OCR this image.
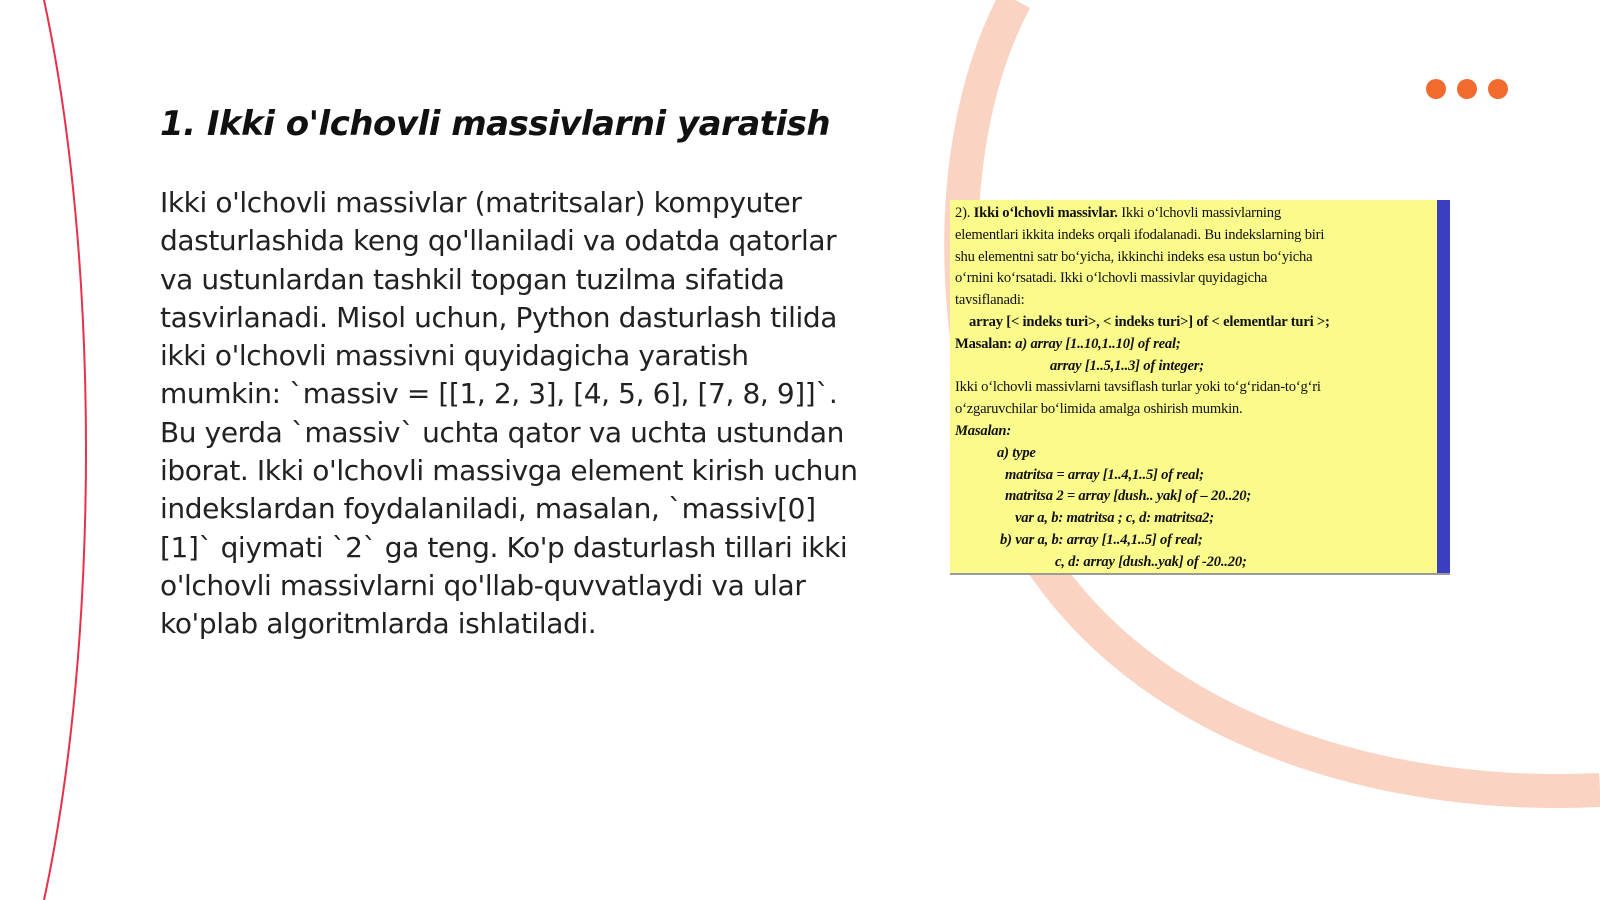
1. Ikki o'lchovli massivlarni yaratish

Ikki o'lchovli massivlar (matritsalar) kompyuter dasturlashida keng qo'llaniladi va odatda qatorlar va ustunlardan tashkil topgan tuzilma sifatida tasvirlanadi. Misol uchun, Python dasturlash tilida ikki o'lchovli massivni quyidagicha yaratish mumkin: `massiv = [[1, 2, 3], [4, 5, 6], [7, 8, 9]]`. Bu yerda `massiv` uchta qator va uchta ustundan iborat. Ikki o'lchovli massivga element kirish uchun indekslardan foydalaniladi, masalan, `massiv[0][1]` qiymati `2` ga teng. Ko'p dasturlash tillari ikki o'lchovli massivlarni qo'llab-quvvatlaydi va ular ko'plab algoritmlarda ishlatiladi.

2). Ikki o‘lchovli massivlar. Ikki o‘lchovli massivlarning
elementlari ikkita indeks orqali ifodalanadi. Bu indekslarning biri
shu elementni satr bo‘yicha, ikkinchi indeks esa ustun bo‘yicha
o‘rnini ko‘rsatadi. Ikki o‘lchovli massivlar quyidagicha
tavsiflanadi:
array [< indeks turi>, < indeks turi>] of < elementlar turi >;
Masalan: a) array [1..10,1..10] of real;
array [1..5,1..3] of integer;
Ikki o‘lchovli massivlarni tavsiflash turlar yoki to‘g‘ridan-to‘g‘ri
o‘zgaruvchilar bo‘limida amalga oshirish mumkin.
Masalan:
a) type
matritsa = array [1..4,1..5] of real;
matritsa 2 = array [dush.. yak] of – 20..20;
var a, b: matritsa ; c, d: matritsa2;
b) var a, b: array [1..4,1..5] of real;
c, d: array [dush..yak] of -20..20;
